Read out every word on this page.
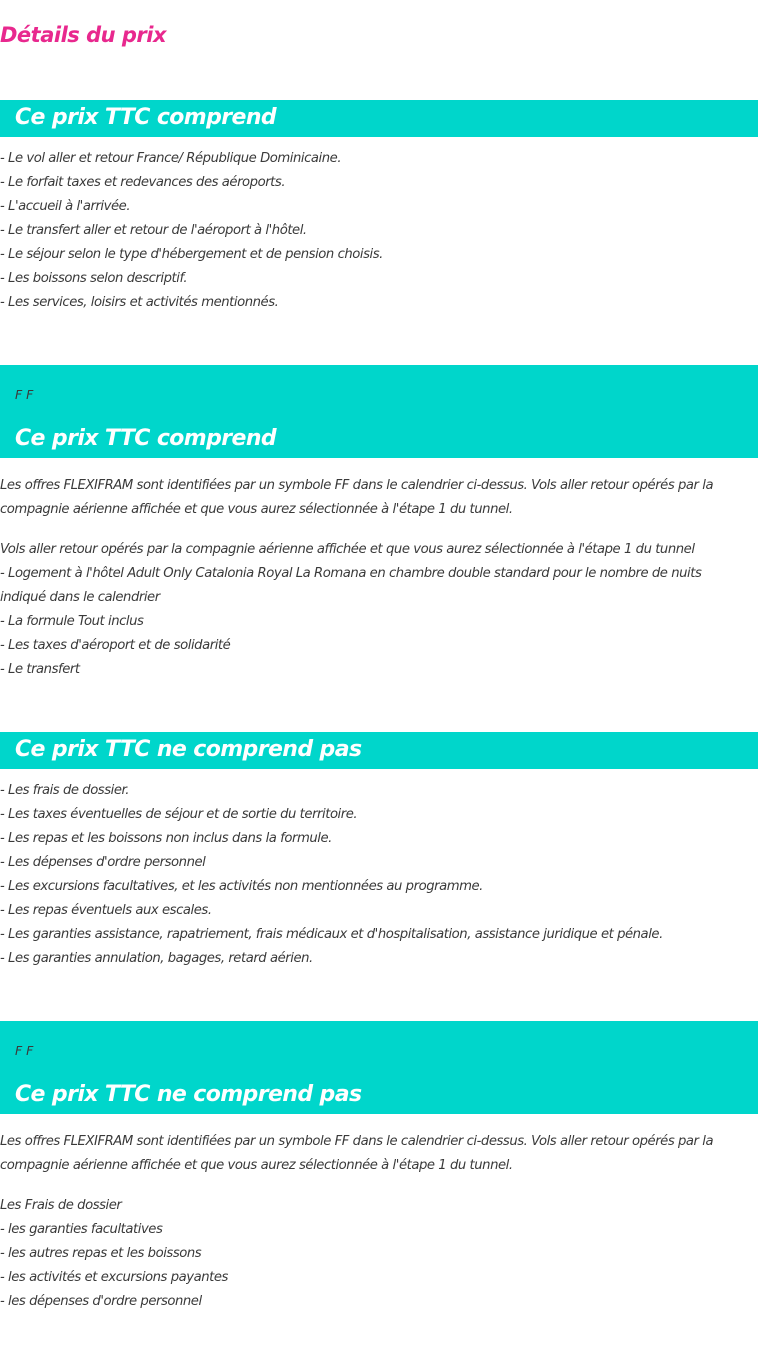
Détails du prix
Ce prix TTC comprend
- Le vol aller et retour France/ République Dominicaine.
- Le forfait taxes et redevances des aéroports.
- L'accueil à l'arrivée.
- Le transfert aller et retour de l'aéroport à l'hôtel.
- Le séjour selon le type d'hébergement et de pension choisis.
- Les boissons selon descriptif.
- Les services, loisirs et activités mentionnés.
F F
Ce prix TTC comprend

Les offres FLEXIFRAM sont identifiées par un symbole FF dans le calendrier ci-dessus. Vols aller retour opérés par la compagnie aérienne affichée et que vous aurez sélectionnée à l'étape 1 du tunnel.

Vols aller retour opérés par la compagnie aérienne affichée et que vous aurez sélectionnée à l'étape 1 du tunnel
- Logement à l'hôtel Adult Only Catalonia Royal La Romana en chambre double standard pour le nombre de nuits indiqué dans le calendrier
- La formule Tout inclus
- Les taxes d'aéroport et de solidarité
- Le transfert
Ce prix TTC ne comprend pas
- Les frais de dossier.
- Les taxes éventuelles de séjour et de sortie du territoire.
- Les repas et les boissons non inclus dans la formule.
- Les dépenses d'ordre personnel
- Les excursions facultatives, et les activités non mentionnées au programme.
- Les repas éventuels aux escales.
- Les garanties assistance, rapatriement, frais médicaux et d'hospitalisation, assistance juridique et pénale.
- Les garanties annulation, bagages, retard aérien.
F F
Ce prix TTC ne comprend pas

Les offres FLEXIFRAM sont identifiées par un symbole FF dans le calendrier ci-dessus. Vols aller retour opérés par la compagnie aérienne affichée et que vous aurez sélectionnée à l'étape 1 du tunnel.

Les Frais de dossier
- les garanties facultatives
- les autres repas et les boissons
- les activités et excursions payantes
- les dépenses d'ordre personnel
